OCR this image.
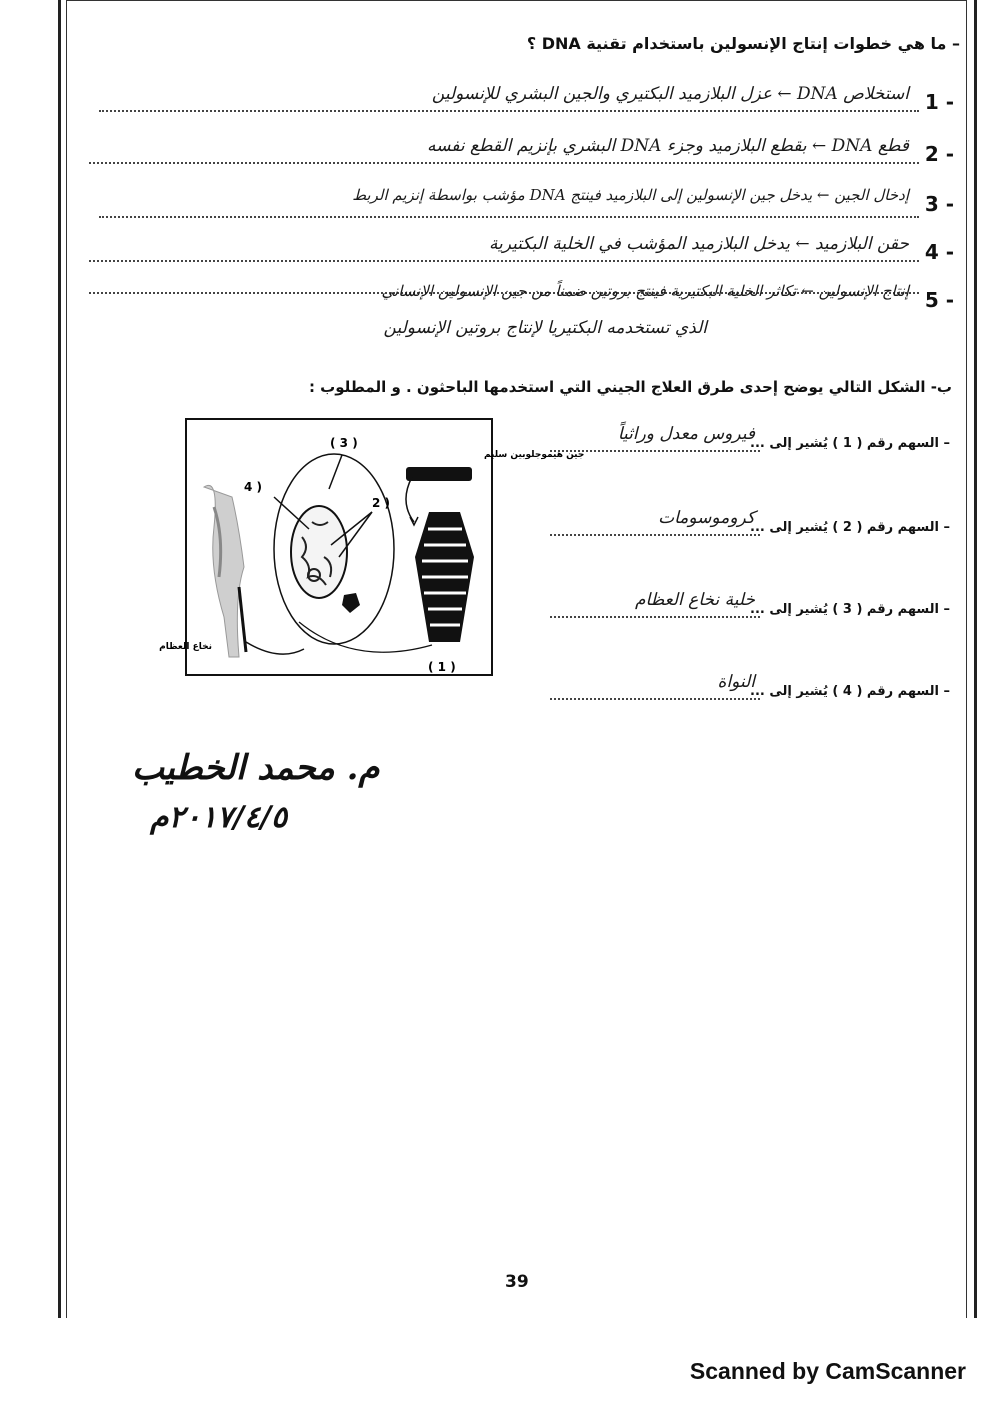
– ما هي خطوات إنتاج الإنسولين باستخدام تقنية DNA ؟
1 -
استخلاص DNA ← عزل البلازميد البكتيري والجين البشري للإنسولين
2 -
قطع DNA ← بقطع البلازميد وجزء DNA البشري بإنزيم القطع نفسه
3 -
إدخال الجين ← يدخل جين الإنسولين إلى البلازميد فينتج DNA مؤشب بواسطة إنزيم الربط
4 -
حقن البلازميد ← يدخل البلازميد المؤشب في الخلية البكتيرية
5 -
إنتاج الإنسولين ← تكاثر الخلية البكتيرية فينتج بروتين ضمناً من جين الإنسولين الإنساني
الذي تستخدمه البكتيريا لإنتاج بروتين الإنسولين
ب- الشكل التالي يوضح إحدى طرق العلاج الجيني التي استخدمها الباحثون . و المطلوب :
– السهم رقم ( 1 ) يُشير إلى ...
فيروس معدل وراثياً
– السهم رقم ( 2 ) يُشير إلى ...
كروموسومات
– السهم رقم ( 3 ) يُشير إلى ...
خلية نخاع العظام
– السهم رقم ( 4 ) يُشير إلى ...
النواة
نخاع العظام
جين هيموجلوبين سليم
( 3 )
4 )
2 )
( 1 )
م. محمد الخطيب
٢٠١٧/٤/٥م
39
Scanned by CamScanner
